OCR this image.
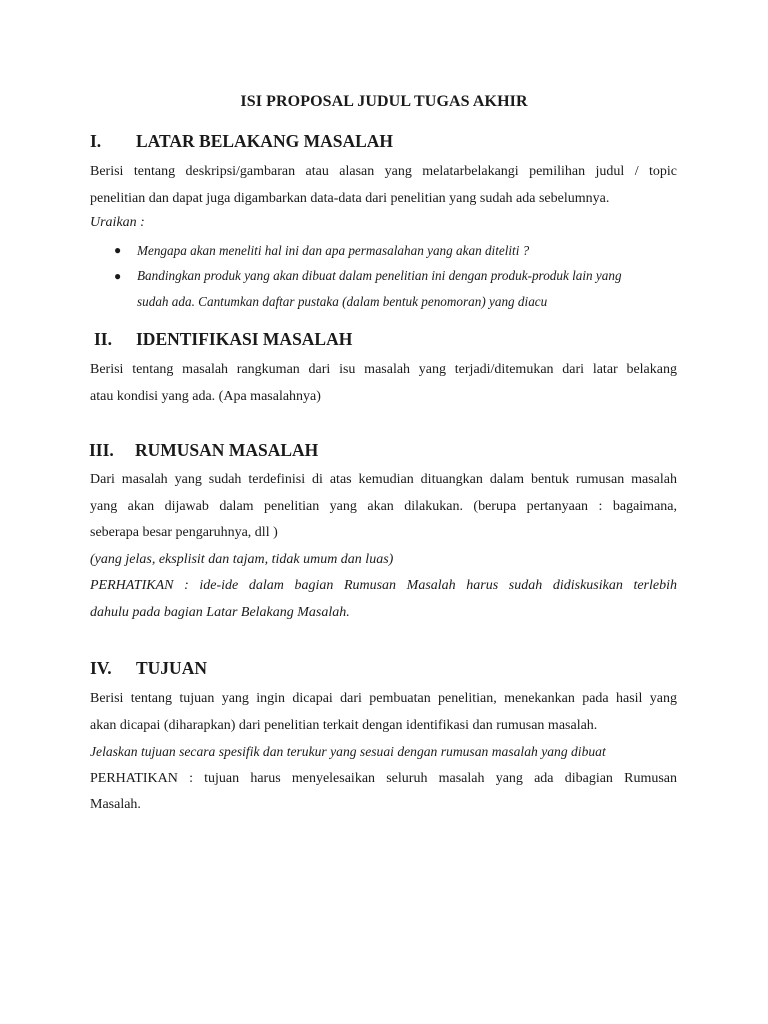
ISI PROPOSAL JUDUL TUGAS AKHIR
I. LATAR BELAKANG MASALAH
Berisi tentang deskripsi/gambaran atau alasan yang melatarbelakangi pemilihan judul / topic
penelitian dan dapat juga digambarkan data-data dari penelitian yang sudah ada sebelumnya.
Uraikan :
● Mengapa akan meneliti hal ini dan apa permasalahan yang akan diteliti ?
● Bandingkan produk yang akan dibuat dalam penelitian ini dengan produk-produk lain yang
sudah ada. Cantumkan daftar pustaka (dalam bentuk penomoran) yang diacu
II. IDENTIFIKASI MASALAH
Berisi tentang masalah rangkuman dari isu masalah yang terjadi/ditemukan dari latar belakang
atau kondisi yang ada. (Apa masalahnya)
III. RUMUSAN MASALAH
Dari masalah yang sudah terdefinisi di atas kemudian dituangkan dalam bentuk rumusan masalah
yang akan dijawab dalam penelitian yang akan dilakukan. (berupa pertanyaan : bagaimana,
seberapa besar pengaruhnya, dll )
(yang jelas, eksplisit dan tajam, tidak umum dan luas)
PERHATIKAN : ide-ide dalam bagian Rumusan Masalah harus sudah didiskusikan terlebih
dahulu pada bagian Latar Belakang Masalah.
IV. TUJUAN
Berisi tentang tujuan yang ingin dicapai dari pembuatan penelitian, menekankan pada hasil yang
akan dicapai (diharapkan) dari penelitian terkait dengan identifikasi dan rumusan masalah.
Jelaskan tujuan secara spesifik dan terukur yang sesuai dengan rumusan masalah yang dibuat
PERHATIKAN : tujuan harus menyelesaikan seluruh masalah yang ada dibagian Rumusan
Masalah.
